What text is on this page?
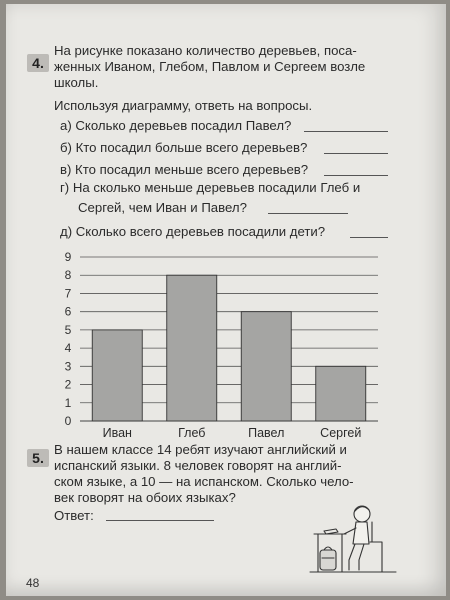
4.
На рисунке показано количество деревьев, поса-
женных Иваном, Глебом, Павлом и Сергеем возле
школы.
Используя диаграмму, ответь на вопросы.
а) Сколько деревьев посадил Павел?
б) Кто посадил больше всего деревьев?
в) Кто посадил меньше всего деревьев?
г) На сколько меньше деревьев посадили Глеб и
Сергей, чем Иван и Павел?
д) Сколько всего деревьев посадили дети?
0
1
2
3
4
5
6
7
8
9
Иван	Глеб	Павел	Сергей
5.
В нашем классе 14 ребят изучают английский и
испанский языки. 8 человек говорят на англий-
ском языке, а 10 — на испанском. Сколько чело-
век говорят на обоих языках?
Ответ:
48
